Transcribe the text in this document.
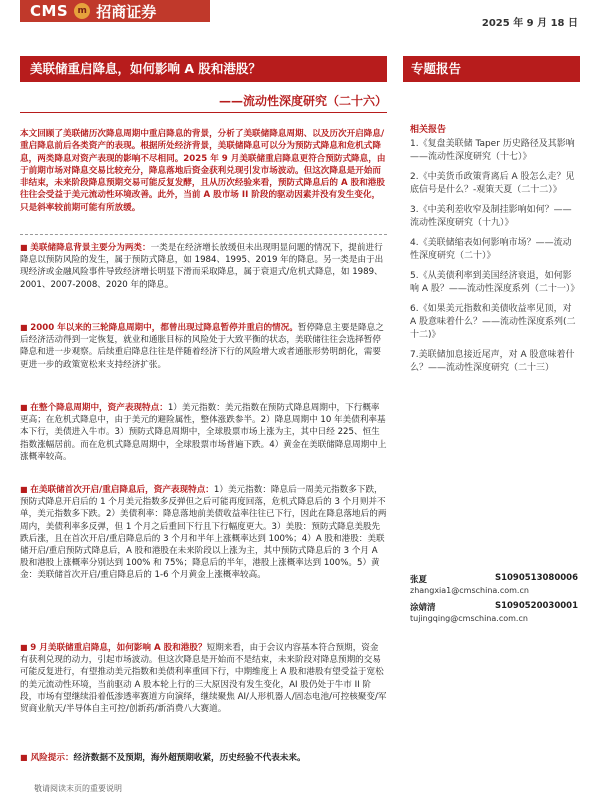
CMS	m 招商证券
2025 年 9 月 18 日
美联储重启降息，如何影响 A 股和港股？
——流动性深度研究（二十六）

本文回顾了美联储历次降息周期中重启降息的背景，分析了美联储降息周期、以及历次开启降息/重启降息前后各类资产的表现。根据所处经济背景，美联储降息可以分为预防式降息和危机式降息，两类降息对资产表现的影响不尽相同。2025 年 9 月美联储重启降息更符合预防式降息，由于前期市场对降息交易比较充分，降息落地后资金获利兑现引发市场波动。但这次降息是开始而非结束，未来阶段降息预期交易可能反复发酵，且从历次经验来看，预防式降息后的 A 股和港股往往会受益于美元流动性环境改善。此外，当前 A 股市场 II 阶段的驱动因素并没有发生变化，只是斜率较前期可能有所放缓。

■ 美联储降息背景主要分为两类：一类是在经济增长放缓但未出现明显问题的情况下，提前进行降息以预防风险的发生，属于预防式降息，如 1984、1995、2019 年的降息。另一类是由于出现经济或金融风险事件导致经济增长明显下滑而采取降息，属于衰退式/危机式降息，如 1989、2001、2007-2008、2020 年的降息。

■ 2000 年以来的三轮降息周期中，都曾出现过降息暂停并重启的情况。暂停降息主要是降息之后经济活动得到一定恢复，就业和通胀目标的风险处于大致平衡的状态，美联储往往会选择暂停降息和进一步观察。后续重启降息往往是伴随着经济下行的风险增大或者通胀形势明朗化，需要更进一步的政策宽松来支持经济扩张。

■ 在整个降息周期中，资产表现特点：1）美元指数：美元指数在预防式降息周期中，下行概率更高；在危机式降息中，由于美元的避险属性，整体涨跌参半。2）降息周期中 10 年美债利率基本下行，美债进入牛市。3）预防式降息周期中，全球股票市场上涨为主，其中日经 225、恒生指数涨幅居前。而在危机式降息周期中，全球股票市场普遍下跌。4）黄金在美联储降息周期中上涨概率较高。

■ 在美联储首次开启/重启降息后，资产表现特点：1）美元指数：降息后一周美元指数多下跌，预防式降息开启后的 1 个月美元指数多反弹但之后可能再度回落，危机式降息后的 3 个月则并不单，美元指数多下跌。2）美债利率：降息落地前美债收益率往往已下行，因此在降息落地后的两周内，美债利率多反弹，但 1 个月之后重回下行且下行幅度更大。3）美股：预防式降息美股先跌后涨，且在首次开启/重启降息后的 3 个月和半年上涨概率达到 100%；4）A 股和港股：美联储开启/重启预防式降息后，A 股和港股在未来阶段以上涨为主，其中预防式降息后的 3 个月 A 股和港股上涨概率分别达到 100% 和 75%；降息后的半年，港股上涨概率达到 100%。5）黄金：美联储首次开启/重启降息后的 1-6 个月黄金上涨概率较高。

■ 9 月美联储重启降息，如何影响 A 股和港股？短期来看，由于会议内容基本符合预期，资金有获利兑现的动力，引起市场波动。但这次降息是开始而不是结束，未来阶段对降息预期的交易可能反复进行，有望推动美元指数和美债利率重回下行，中期维度上 A 股和港股有望受益于宽松的美元流动性环境，当前驱动 A 股本轮上行的三大原因没有发生变化，AI 股仍处于牛市 II 阶段，市场有望继续沿着低渗透率赛道方向演绎，继续聚焦 AI/人形机器人/固态电池/可控核聚变/军贸商业航天/半导体自主可控/创新药/新消费八大赛道。

■ 风险提示：经济数据不及预期，海外超预期收紧，历史经验不代表未来。

专题报告
相关报告
1.《复盘美联储 Taper 历史路径及其影响 ——流动性深度研究（十七）》
2.《中美货币政策背离后 A 股怎么走？见底信号是什么？-观策天夏（二十二）》
3.《中美利差收窄及制挂影响如何？——流动性深度研究（十九）》
4.《美联储缩表如何影响市场？——流动性深度研究（二十）》
5.《从美债利率到美国经济衰退，如何影响 A 股？——流动性深度系列（二十一）》
6.《如果美元指数和美债收益率见顶，对 A 股意味着什么？——流动性深度系列(二十二)》
7.美联储加息接近尾声，对 A 股意味着什么？——流动性深度研究（二十三）
张夏	S1090513080006
zhangxia1@cmschina.com.cn
涂婧清	S1090520030001
tujingqing@cmschina.com.cn
敬请阅读末页的重要说明
